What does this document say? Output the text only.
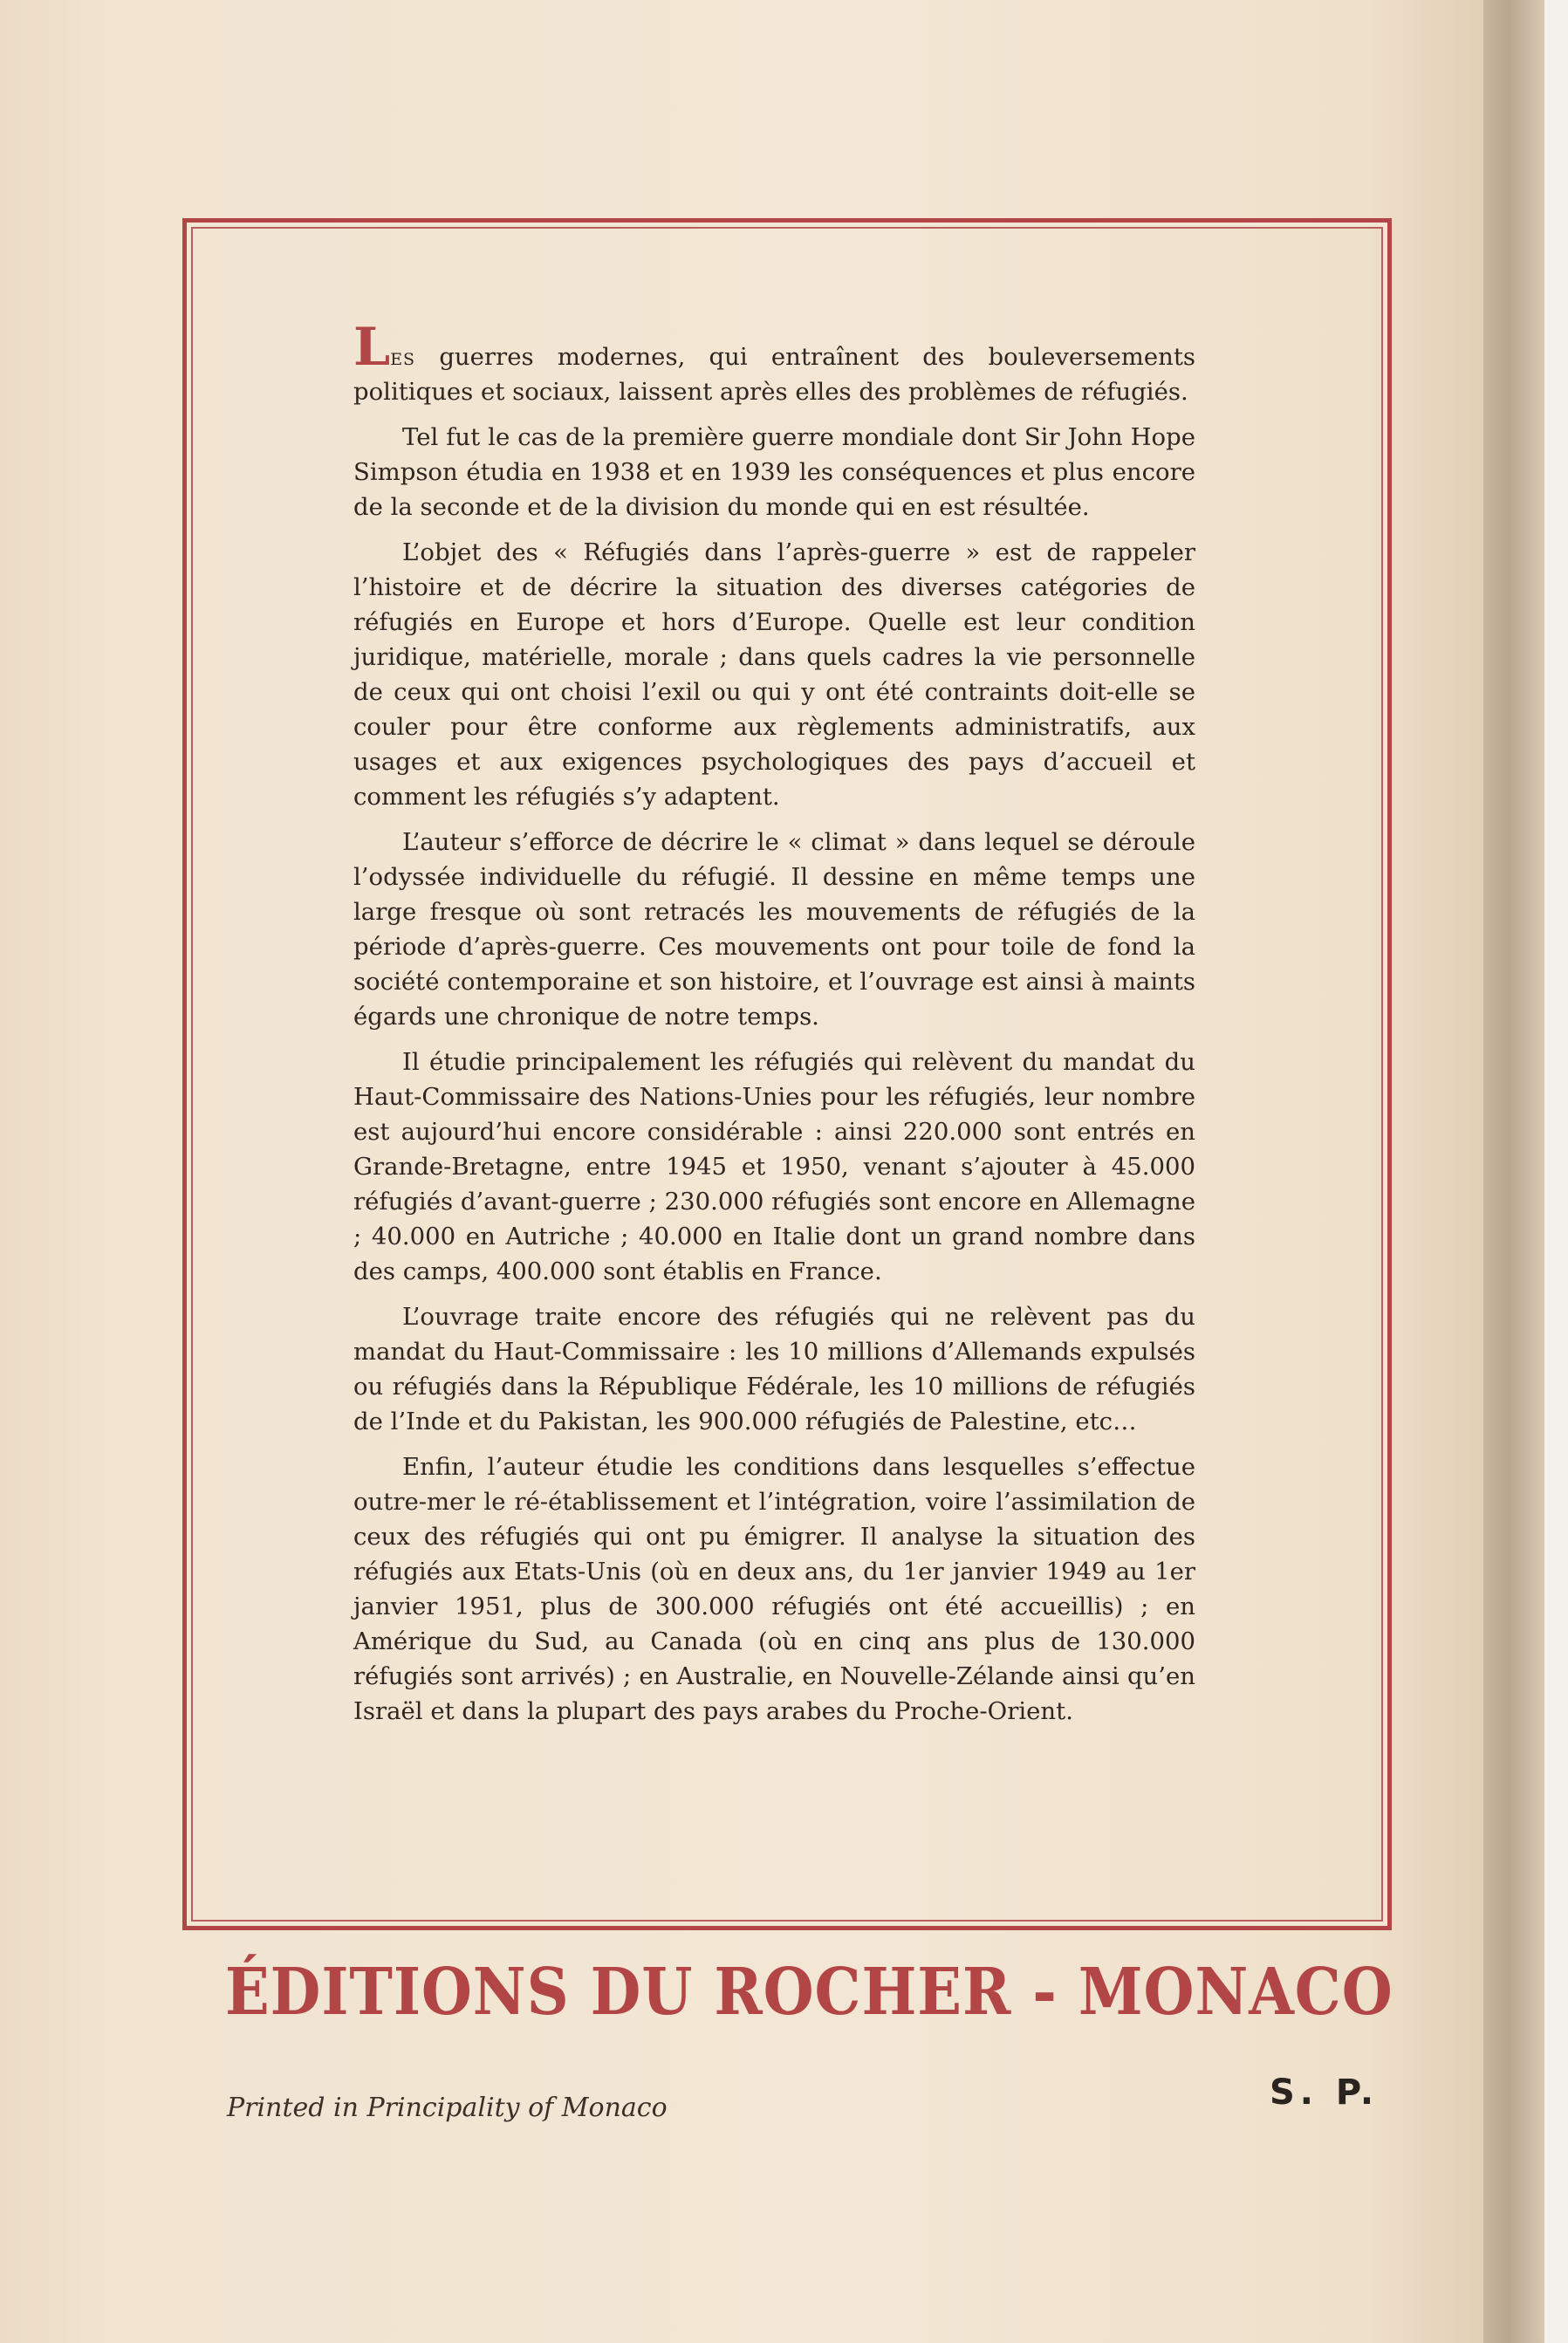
Les guerres modernes, qui entraînent des bouleversements politiques et sociaux, laissent après elles des problèmes de réfugiés.

Tel fut le cas de la première guerre mondiale dont Sir John Hope Simpson étudia en 1938 et en 1939 les conséquences et plus encore de la seconde et de la division du monde qui en est résultée.

L’objet des « Réfugiés dans l’après-guerre » est de rappeler l’histoire et de décrire la situation des diverses catégories de réfugiés en Europe et hors d’Europe. Quelle est leur condition juridique, matérielle, morale ; dans quels cadres la vie personnelle de ceux qui ont choisi l’exil ou qui y ont été contraints doit-elle se couler pour être conforme aux règlements administratifs, aux usages et aux exigences psychologiques des pays d’accueil et comment les réfugiés s’y adaptent.

L’auteur s’efforce de décrire le « climat » dans lequel se déroule l’odyssée individuelle du réfugié. Il dessine en même temps une large fresque où sont retracés les mouvements de réfugiés de la période d’après-guerre. Ces mouvements ont pour toile de fond la société contemporaine et son histoire, et l’ouvrage est ainsi à maints égards une chronique de notre temps.

Il étudie principalement les réfugiés qui relèvent du mandat du Haut-Commissaire des Nations-Unies pour les réfugiés, leur nombre est aujourd’hui encore considérable : ainsi 220.000 sont entrés en Grande-Bretagne, entre 1945 et 1950, venant s’ajouter à 45.000 réfugiés d’avant-guerre ; 230.000 réfugiés sont encore en Allemagne ; 40.000 en Autriche ; 40.000 en Italie dont un grand nombre dans des camps, 400.000 sont établis en France.

L’ouvrage traite encore des réfugiés qui ne relèvent pas du mandat du Haut-Commissaire : les 10 millions d’Allemands expulsés ou réfugiés dans la République Fédérale, les 10 millions de réfugiés de l’Inde et du Pakistan, les 900.000 réfugiés de Palestine, etc…

Enfin, l’auteur étudie les conditions dans lesquelles s’effectue outre-mer le ré-établissement et l’intégration, voire l’assimilation de ceux des réfugiés qui ont pu émigrer. Il analyse la situation des réfugiés aux Etats-Unis (où en deux ans, du 1er janvier 1949 au 1er janvier 1951, plus de 300.000 réfugiés ont été accueillis) ; en Amérique du Sud, au Canada (où en cinq ans plus de 130.000 réfugiés sont arrivés) ; en Australie, en Nouvelle-Zélande ainsi qu’en Israël et dans la plupart des pays arabes du Proche-Orient.

ÉDITIONS DU ROCHER - MONACO
Printed in Principality of Monaco	S. P.
